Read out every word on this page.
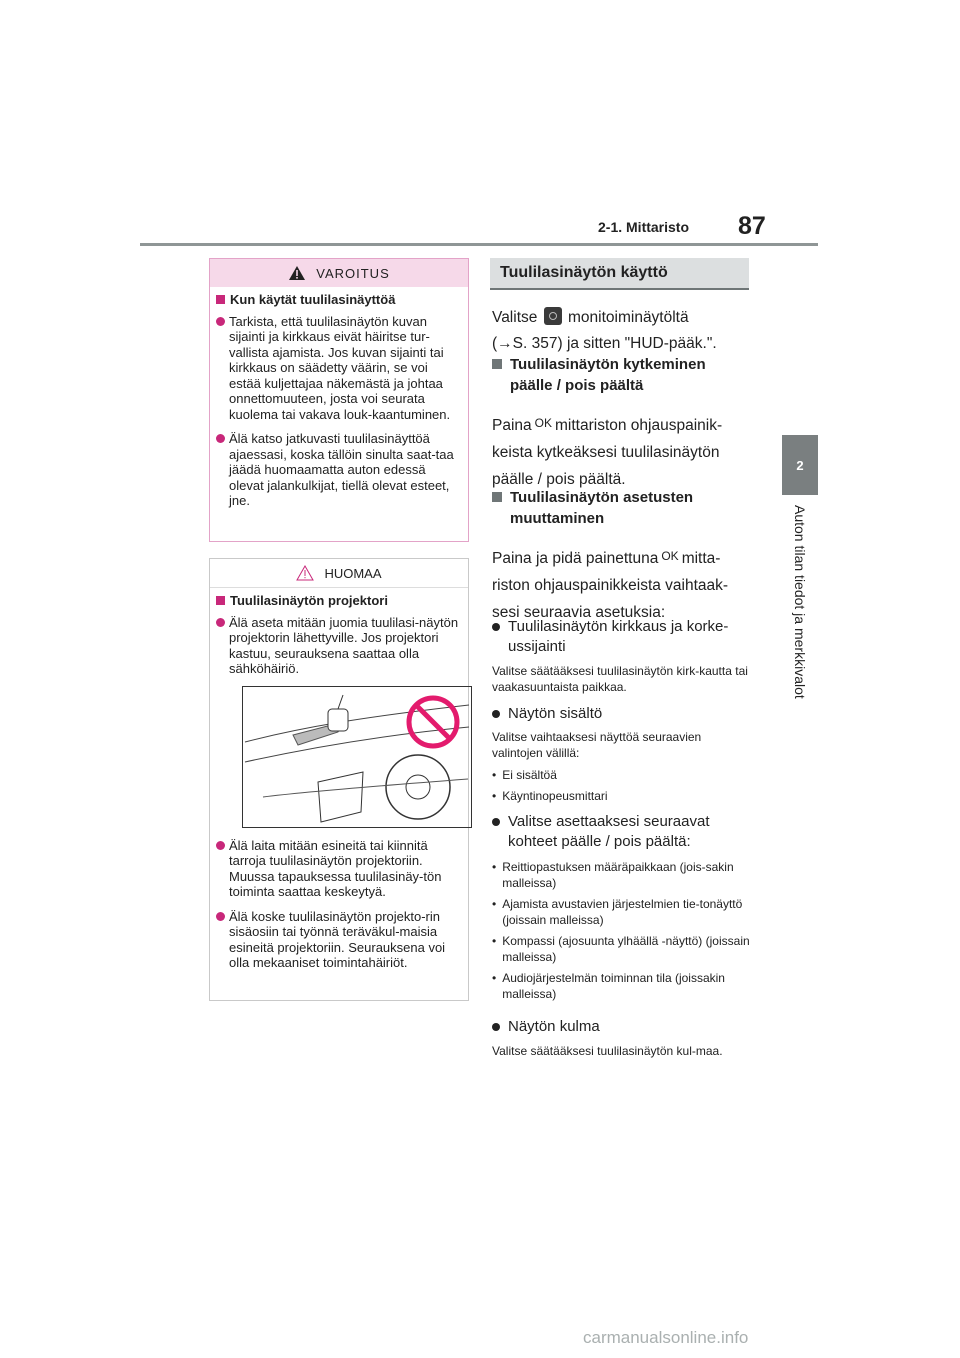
2-1. Mittaristo 87
2
Auton tilan tiedot ja merkkivalot
VAROITUS
Kun käytät tuulilasinäyttöä
Tarkista, että tuulilasinäytön kuvan sijainti ja kirkkaus eivät häiritse tur-vallista ajamista. Jos kuvan sijainti tai kirkkaus on säädetty väärin, se voi estää kuljettajaa näkemästä ja johtaa onnettomuuteen, josta voi seurata kuolema tai vakava louk-kaantuminen.
Älä katso jatkuvasti tuulilasinäyttöä ajaessasi, koska tällöin sinulta saat-taa jäädä huomaamatta auton edessä olevat jalankulkijat, tiellä olevat esteet, jne.
HUOMAA
Tuulilasinäytön projektori
Älä aseta mitään juomia tuulilasi-näytön projektorin lähettyville. Jos projektori kastuu, seurauksena saattaa olla sähköhäiriö.
Älä laita mitään esineitä tai kiinnitä tarroja tuulilasinäytön projektoriin. Muussa tapauksessa tuulilasinäy-tön toiminta saattaa keskeytyä.
Älä koske tuulilasinäytön projekto-rin sisäosiin tai työnnä teräväkul-maisia esineitä projektoriin. Seurauksena voi olla mekaaniset toimintahäiriöt.
Tuulilasinäytön käyttö
Valitse monitoiminäytöltä
(→S. 357) ja sitten "HUD-pääk.".
Tuulilasinäytön kytkeminen päälle / pois päältä
Paina OK mittariston ohjauspainik-
keista kytkeäksesi tuulilasinäytön
päälle / pois päältä.
Tuulilasinäytön asetusten muuttaminen
Paina ja pidä painettuna OK mitta-
riston ohjauspainikkeista vaihtaak-
sesi seuraavia asetuksia:
Tuulilasinäytön kirkkaus ja korke-ussijainti
Valitse säätääksesi tuulilasinäytön kirk-kautta tai vaakasuuntaista paikkaa.
Näytön sisältö
Valitse vaihtaaksesi näyttöä seuraavien valintojen välillä:
• Ei sisältöä
• Käyntinopeusmittari
Valitse asettaaksesi seuraavat kohteet päälle / pois päältä:
• Reittiopastuksen määräpaikkaan (jois-sakin malleissa)
• Ajamista avustavien järjestelmien tie-tonäyttö (joissain malleissa)
• Kompassi (ajosuunta ylhäällä -näyttö) (joissain malleissa)
• Audiojärjestelmän toiminnan tila (joissakin malleissa)
Näytön kulma
Valitse säätääksesi tuulilasinäytön kul-maa.
carmanualsonline.info
